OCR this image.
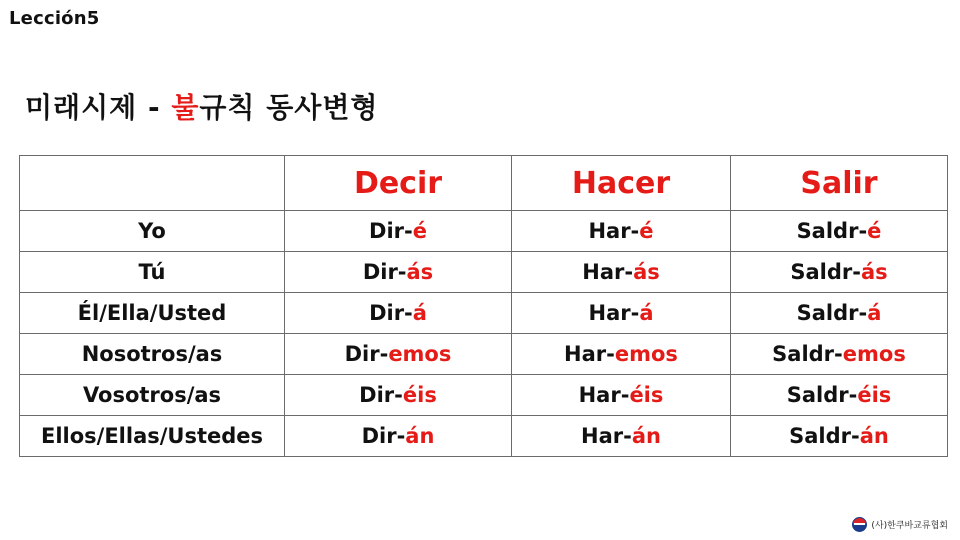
Lección5
미래시제 - 불규칙 동사변형
	Decir	Hacer	Salir
Yo	Dir-é	Har-é	Saldr-é
Tú	Dir-ás	Har-ás	Saldr-ás
Él/Ella/Usted	Dir-á	Har-á	Saldr-á
Nosotros/as	Dir-emos	Har-emos	Saldr-emos
Vosotros/as	Dir-éis	Har-éis	Saldr-éis
Ellos/Ellas/Ustedes	Dir-án	Har-án	Saldr-án
(사)한쿠바교류협회
